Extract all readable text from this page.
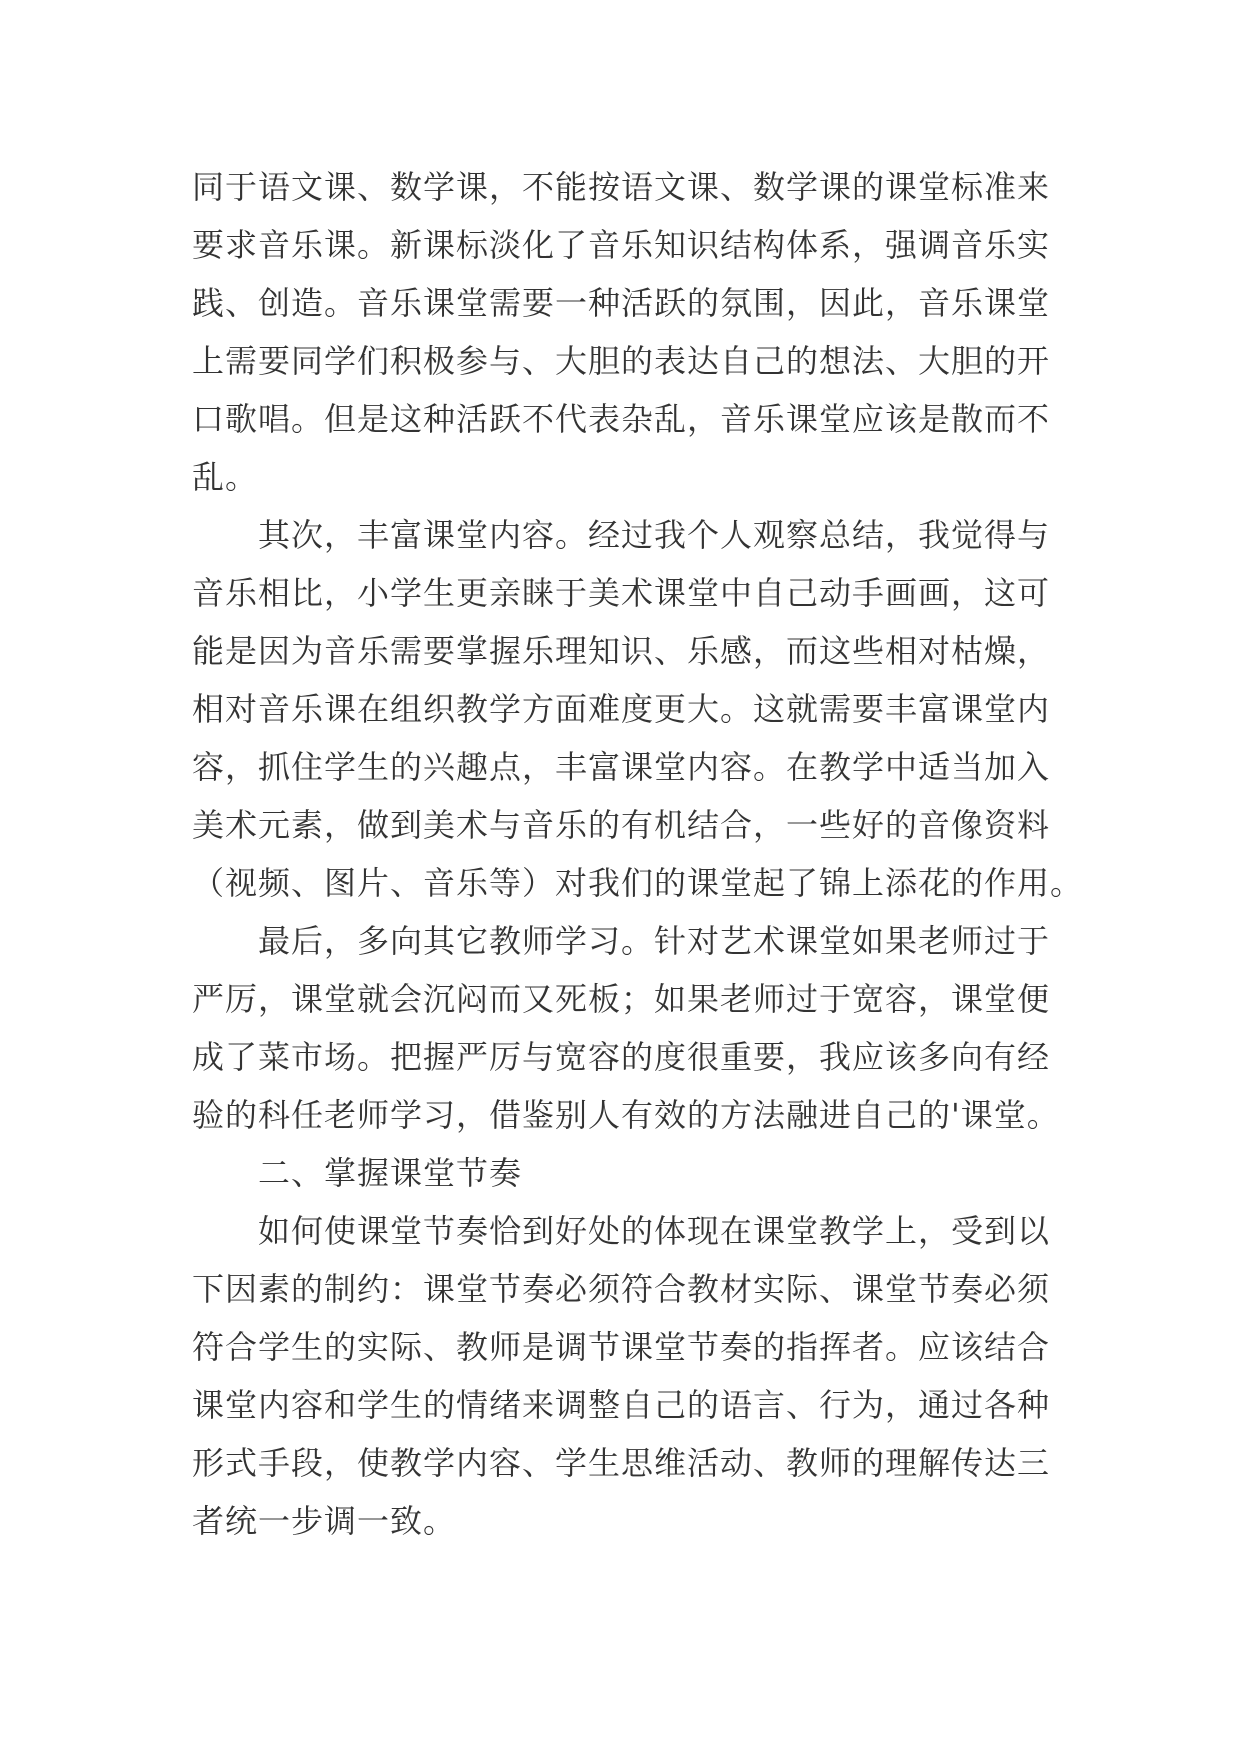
同于语文课、数学课，不能按语文课、数学课的课堂标准来
要求音乐课。新课标淡化了音乐知识结构体系，强调音乐实
践、创造。音乐课堂需要一种活跃的氛围，因此，音乐课堂
上需要同学们积极参与、大胆的表达自己的想法、大胆的开
口歌唱。但是这种活跃不代表杂乱，音乐课堂应该是散而不
乱。
　　其次，丰富课堂内容。经过我个人观察总结，我觉得与
音乐相比，小学生更亲睐于美术课堂中自己动手画画，这可
能是因为音乐需要掌握乐理知识、乐感，而这些相对枯燥，
相对音乐课在组织教学方面难度更大。这就需要丰富课堂内
容，抓住学生的兴趣点，丰富课堂内容。在教学中适当加入
美术元素，做到美术与音乐的有机结合，一些好的音像资料
（视频、图片、音乐等）对我们的课堂起了锦上添花的作用。
　　最后，多向其它教师学习。针对艺术课堂如果老师过于
严厉，课堂就会沉闷而又死板；如果老师过于宽容，课堂便
成了菜市场。把握严厉与宽容的度很重要，我应该多向有经
验的科任老师学习，借鉴别人有效的方法融进自己的'课堂。
　　二、掌握课堂节奏
　　如何使课堂节奏恰到好处的体现在课堂教学上，受到以
下因素的制约：课堂节奏必须符合教材实际、课堂节奏必须
符合学生的实际、教师是调节课堂节奏的指挥者。应该结合
课堂内容和学生的情绪来调整自己的语言、行为，通过各种
形式手段，使教学内容、学生思维活动、教师的理解传达三
者统一步调一致。
